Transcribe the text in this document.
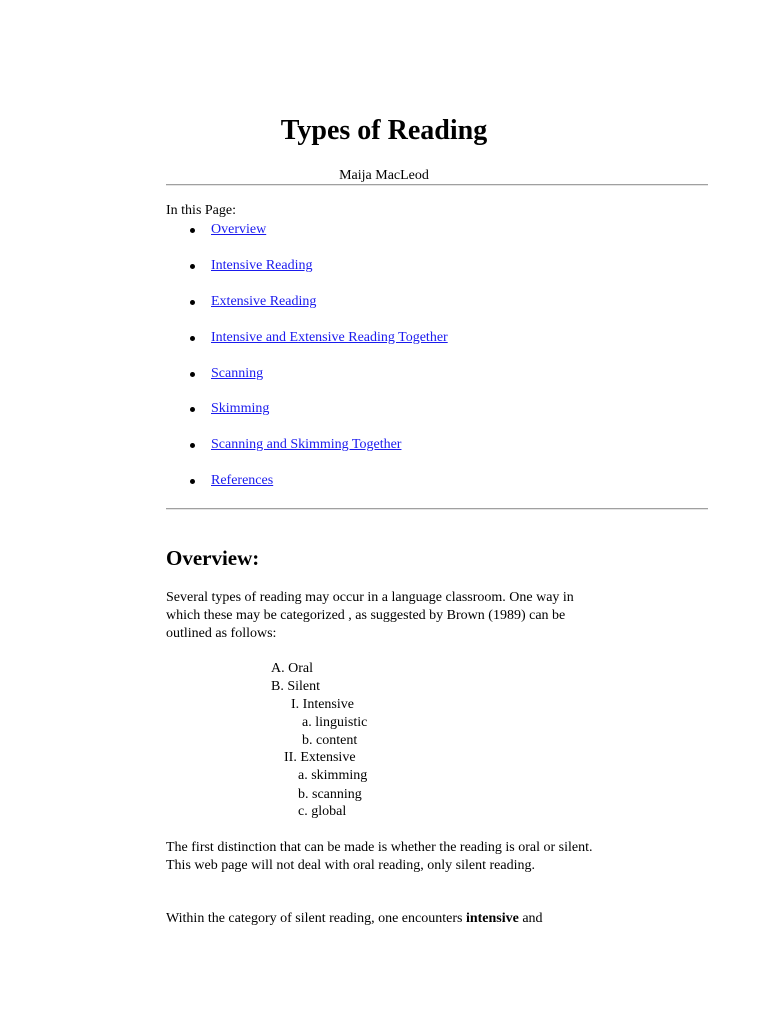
Types of Reading

Maija MacLeod

In this Page:
Overview
Intensive Reading
Extensive Reading
Intensive and Extensive Reading Together
Scanning
Skimming
Scanning and Skimming Together
References
Overview:

Several types of reading may occur in a language classroom. One way in which these may be categorized , as suggested by Brown (1989) can be outlined as follows:

A. Oral

B. Silent

I. Intensive

a. linguistic

b. content

II. Extensive

a. skimming

b. scanning

c. global

The first distinction that can be made is whether the reading is oral or silent. This web page will not deal with oral reading, only silent reading.

Within the category of silent reading, one encounters intensive and
